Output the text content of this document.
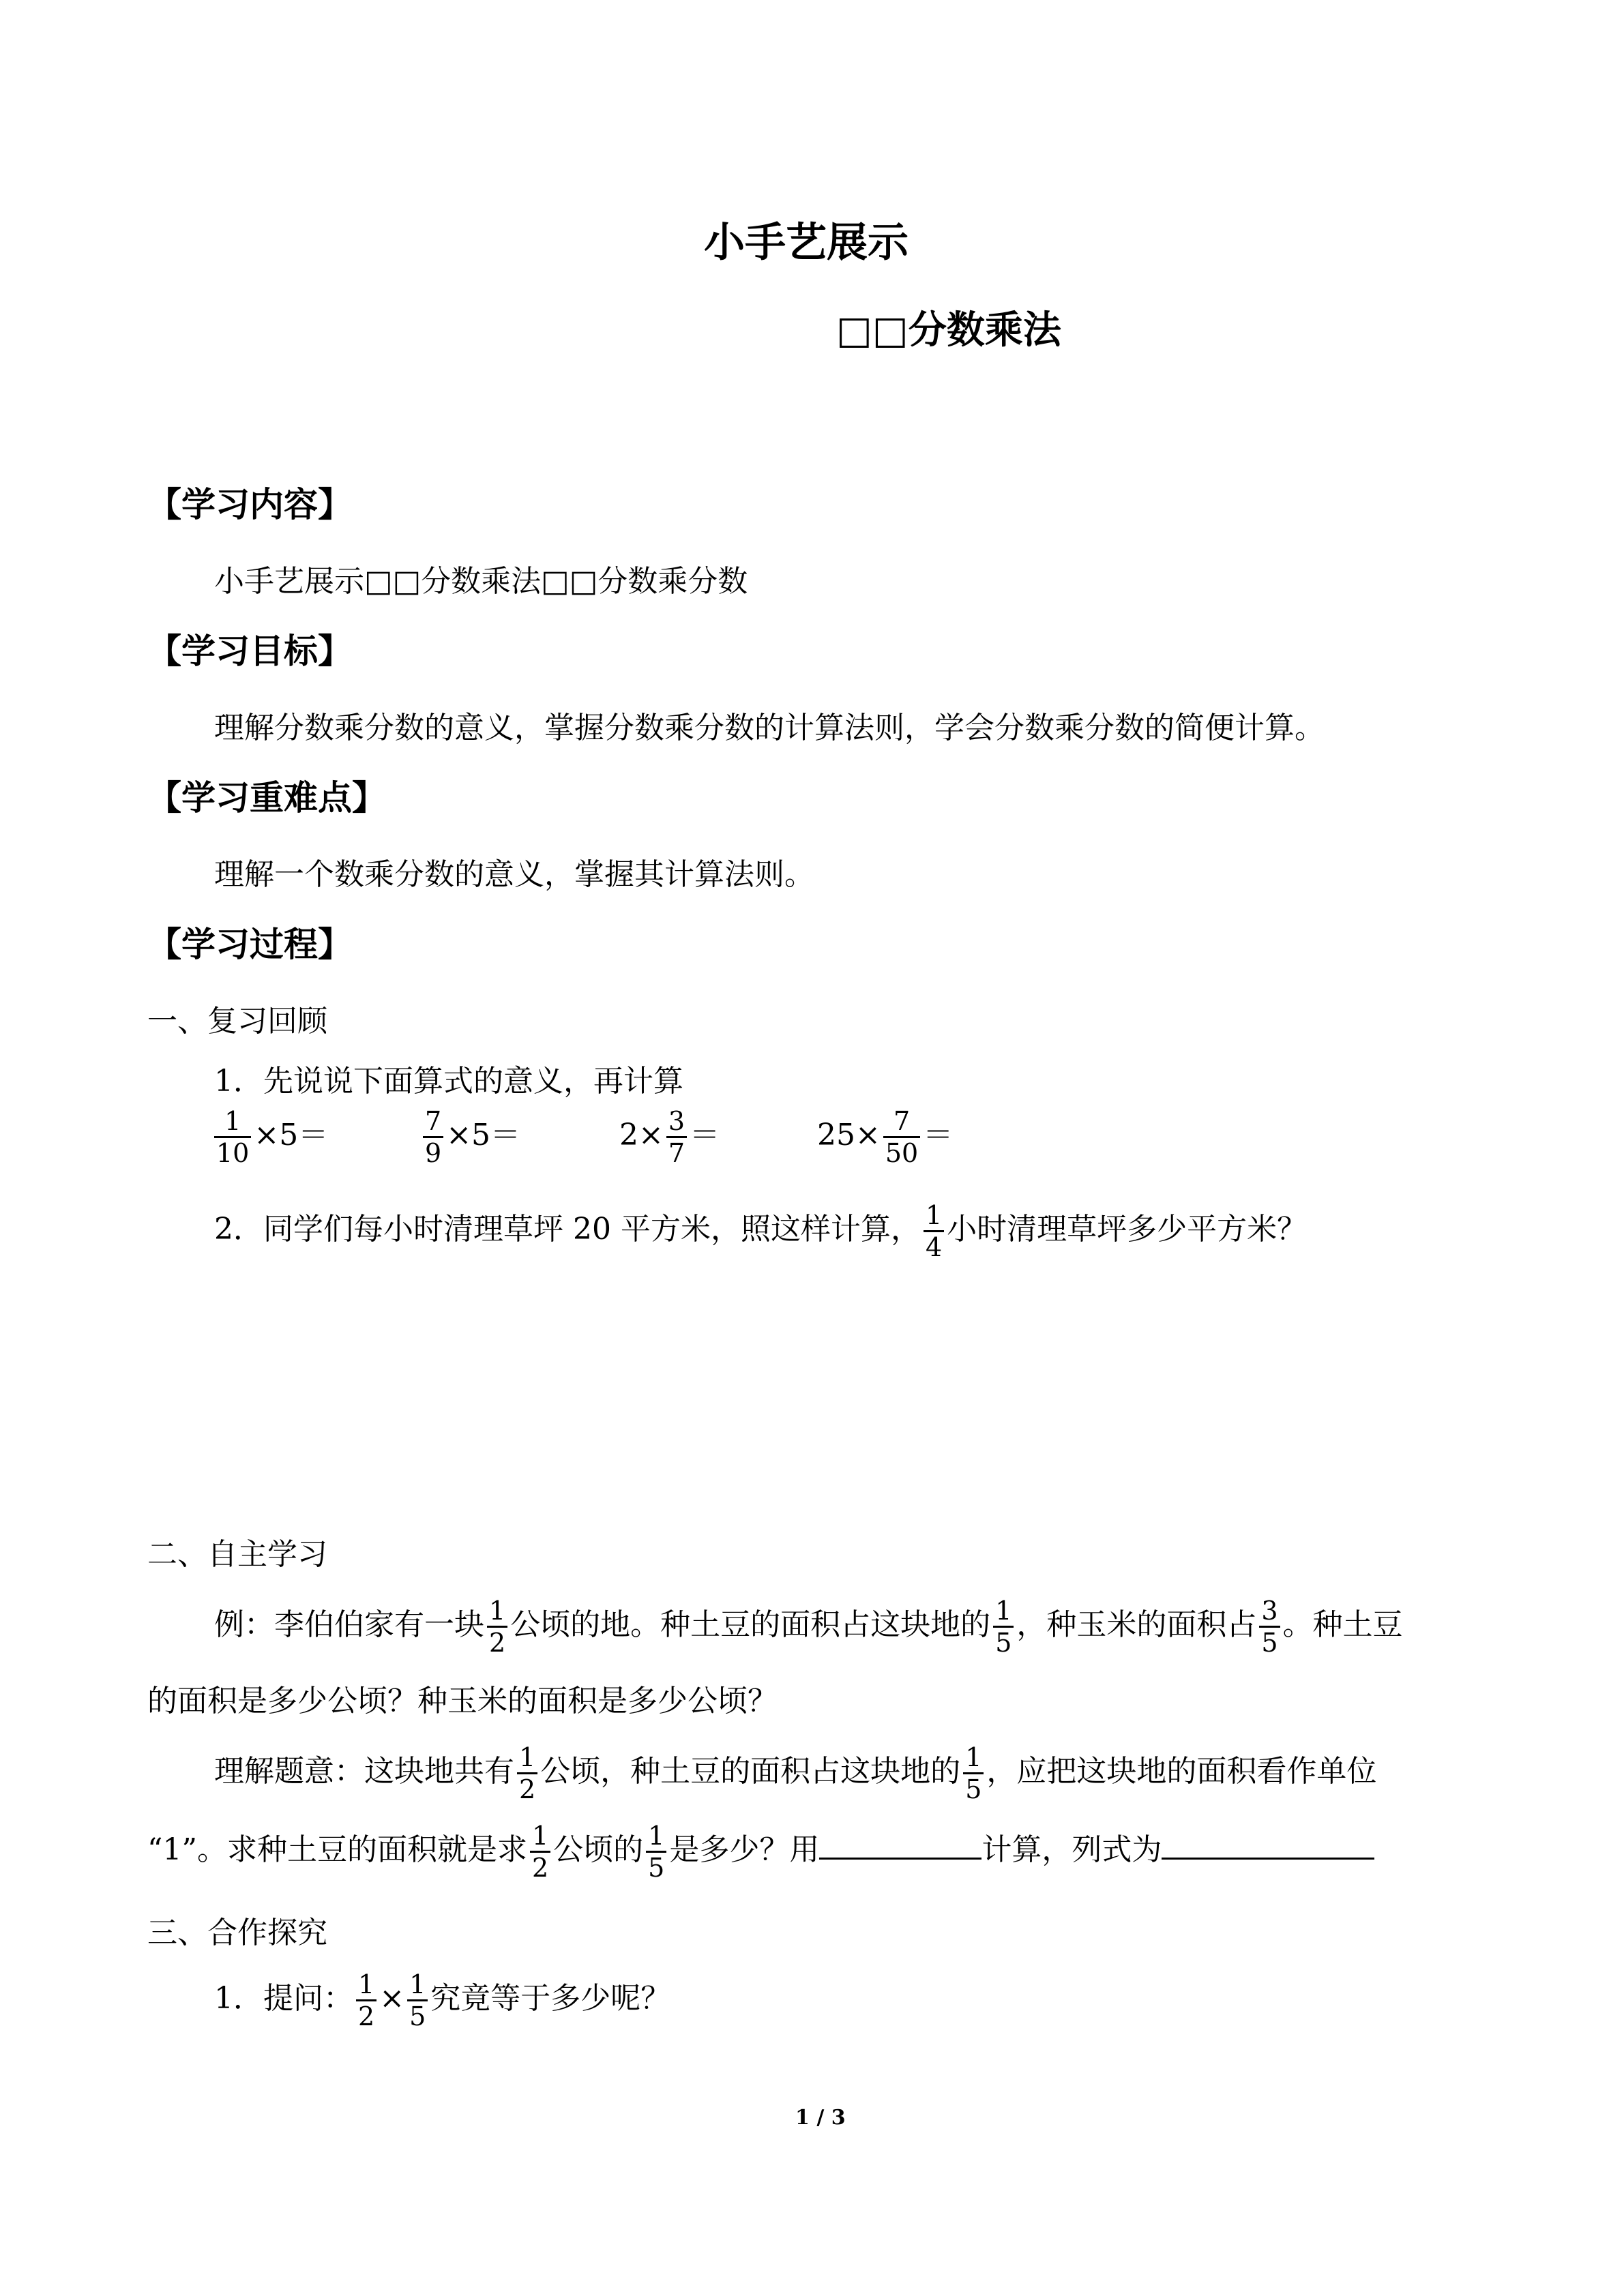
小手艺展示
□□分数乘法
【学习内容】
小手艺展示□□分数乘法□□分数乘分数
【学习目标】
理解分数乘分数的意义，掌握分数乘分数的计算法则，学会分数乘分数的简便计算。
【学习重难点】
理解一个数乘分数的意义，掌握其计算法则。
【学习过程】
一、复习回顾
1．先说说下面算式的意义，再计算
$\frac{1}{10} \times 5=$	$\frac{7}{9} \times 5=$	$2\times \frac{3}{7}$ ＝	$25\times \frac{7}{50}$ ＝
2．同学们每小时清理草坪 20 平方米，照这样计算， $\frac{1}{4}$ 小时清理草坪多少平方米？
二、自主学习
例：李伯伯家有一块 $\frac{1}{2}$ 公顷的地。种土豆的面积占这块地的 $\frac{1}{5}$ ，种玉米的面积占 $\frac{3}{5}$ 。种土豆
的面积是多少公顷？种玉米的面积是多少公顷？
理解题意：这块地共有 $\frac{1}{2}$ 公顷，种土豆的面积占这块地的 $\frac{1}{5}$ ，应把这块地的面积看作单位
“1”。求种土豆的面积就是求 $\frac{1}{2}$ 公顷的 $\frac{1}{5}$ 是多少？用	计算，列式为
三、合作探究
1．提问： $\frac{1}{2} \times \frac{1}{5}$ 究竟等于多少呢？
1 / 3
